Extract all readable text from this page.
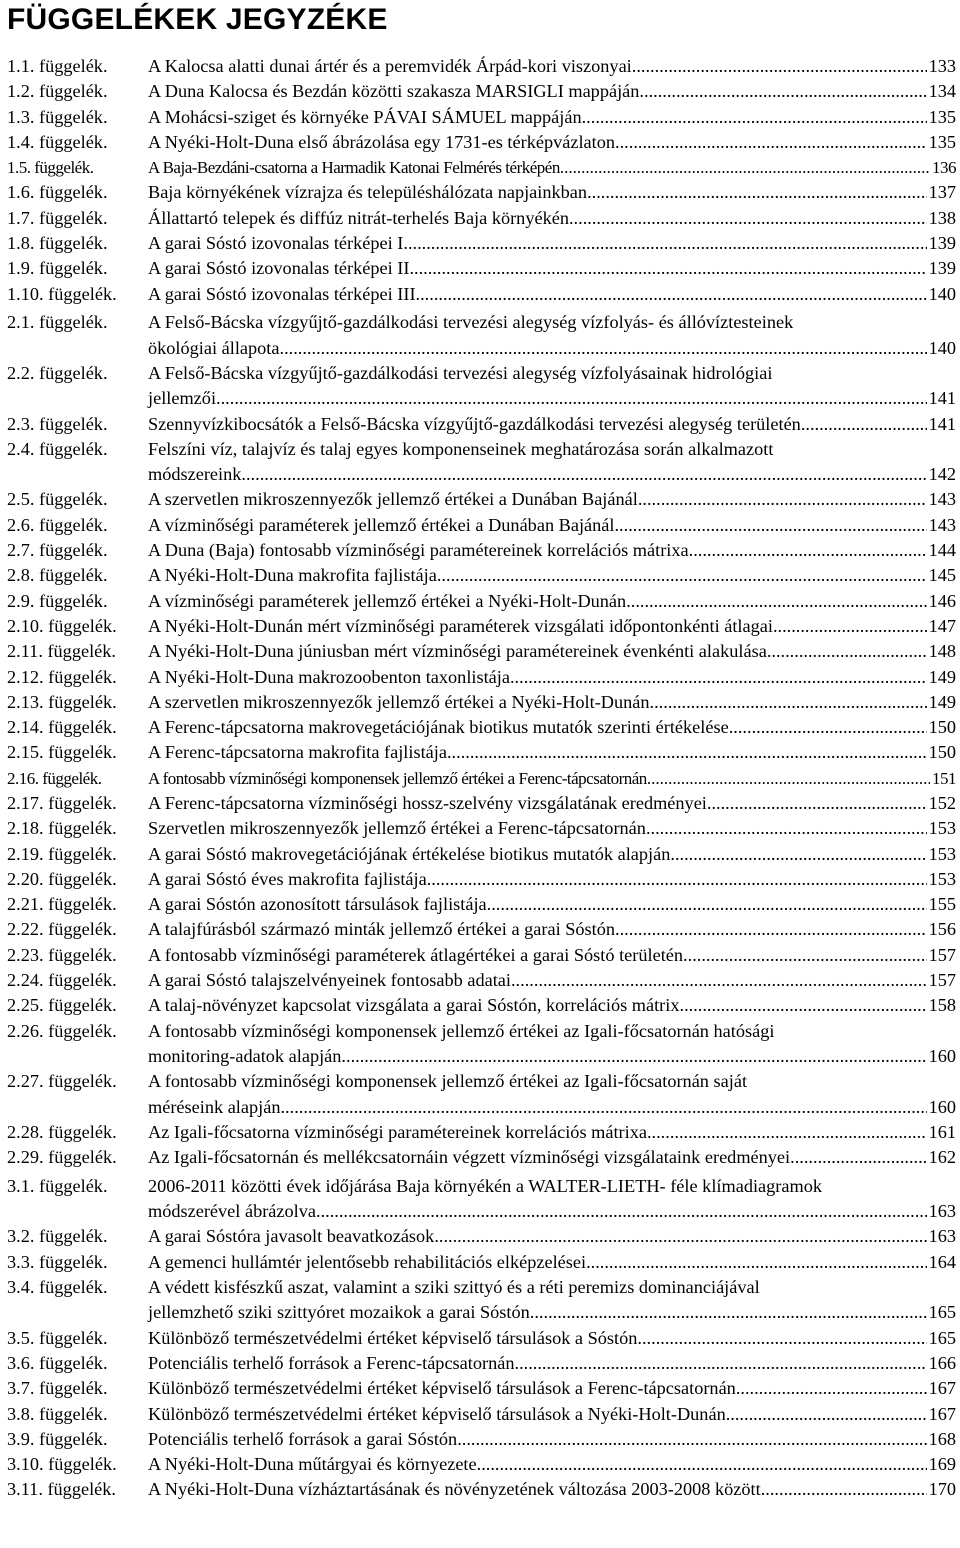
FÜGGELÉKEK JEGYZÉKE
1.1. függelék.	A Kalocsa alatti dunai ártér és a peremvidék Árpád-kori viszonyai .....	133
1.2. függelék.	A Duna Kalocsa és Bezdán közötti szakasza MARSIGLI mappáján .....	134
1.3. függelék.	A Mohácsi-sziget és környéke PÁVAI SÁMUEL mappáján .....	135
1.4. függelék.	A Nyéki-Holt-Duna első ábrázolása egy 1731-es térképvázlaton .....	135
1.5. függelék.	A Baja-Bezdáni-csatorna a Harmadik Katonai Felmérés térképén .....	136
1.6. függelék.	Baja környékének vízrajza és településhálózata napjainkban .....	137
1.7. függelék.	Állattartó telepek és diffúz nitrát-terhelés Baja környékén .....	138
1.8. függelék.	A garai Sóstó izovonalas térképei I. .....	139
1.9. függelék.	A garai Sóstó izovonalas térképei II. .....	139
1.10. függelék.	A garai Sóstó izovonalas térképei III. .....	140
2.1. függelék.	A Felső-Bácska vízgyűjtő-gazdálkodási tervezési alegység vízfolyás- és állóvíztesteinek
ökológiai állapota .....	140
2.2. függelék.	A Felső-Bácska vízgyűjtő-gazdálkodási tervezési alegység vízfolyásainak hidrológiai
jellemzői .....	141
2.3. függelék.	Szennyvízkibocsátók a Felső-Bácska vízgyűjtő-gazdálkodási tervezési alegység területén .....	141
2.4. függelék.	Felszíni víz, talajvíz és talaj egyes komponenseinek meghatározása során alkalmazott
módszereink .....	142
2.5. függelék.	A szervetlen mikroszennyezők jellemző értékei a Dunában Bajánál .....	143
2.6. függelék.	A vízminőségi paraméterek jellemző értékei a Dunában Bajánál .....	143
2.7. függelék.	A Duna (Baja) fontosabb vízminőségi paramétereinek korrelációs mátrixa .....	144
2.8. függelék.	A Nyéki-Holt-Duna makrofita fajlistája .....	145
2.9. függelék.	A vízminőségi paraméterek jellemző értékei a Nyéki-Holt-Dunán .....	146
2.10. függelék.	A Nyéki-Holt-Dunán mért vízminőségi paraméterek vizsgálati időpontonkénti átlagai .....	147
2.11. függelék.	A Nyéki-Holt-Duna júniusban mért vízminőségi paramétereinek évenkénti alakulása .....	148
2.12. függelék.	A Nyéki-Holt-Duna makrozoobenton taxonlistája .....	149
2.13. függelék.	A szervetlen mikroszennyezők jellemző értékei a Nyéki-Holt-Dunán .....	149
2.14. függelék.	A Ferenc-tápcsatorna makrovegetációjának biotikus mutatók szerinti értékelése .....	150
2.15. függelék.	A Ferenc-tápcsatorna makrofita fajlistája .....	150
2.16. függelék.	A fontosabb vízminőségi komponensek jellemző értékei a Ferenc-tápcsatornán .....	151
2.17. függelék.	A Ferenc-tápcsatorna vízminőségi hossz-szelvény vizsgálatának eredményei .....	152
2.18. függelék.	Szervetlen mikroszennyezők jellemző értékei a Ferenc-tápcsatornán .....	153
2.19. függelék.	A garai Sóstó makrovegetációjának értékelése biotikus mutatók alapján .....	153
2.20. függelék.	A garai Sóstó éves makrofita fajlistája .....	153
2.21. függelék.	A garai Sóstón azonosított társulások fajlistája .....	155
2.22. függelék.	A talajfúrásból származó minták jellemző értékei a garai Sóstón .....	156
2.23. függelék.	A fontosabb vízminőségi paraméterek átlagértékei a garai Sóstó területén .....	157
2.24. függelék.	A garai Sóstó talajszelvényeinek fontosabb adatai .....	157
2.25. függelék.	A talaj-növényzet kapcsolat vizsgálata a garai Sóstón, korrelációs mátrix .....	158
2.26. függelék.	A fontosabb vízminőségi komponensek jellemző értékei az Igali-főcsatornán hatósági
monitoring-adatok alapján .....	160
2.27. függelék.	A fontosabb vízminőségi komponensek jellemző értékei az Igali-főcsatornán saját
méréseink alapján .....	160
2.28. függelék.	Az Igali-főcsatorna vízminőségi paramétereinek korrelációs mátrixa .....	161
2.29. függelék.	Az Igali-főcsatornán és mellékcsatornáin végzett vízminőségi vizsgálataink eredményei .....	162
3.1. függelék.	2006-2011 közötti évek időjárása Baja környékén a WALTER-LIETH- féle klímadiagramok
módszerével ábrázolva .....	163
3.2. függelék.	A garai Sóstóra javasolt beavatkozások .....	163
3.3. függelék.	A gemenci hullámtér jelentősebb rehabilitációs elképzelései .....	164
3.4. függelék.	A védett kisfészkű aszat, valamint a sziki szittyó és a réti peremizs dominanciájával
jellemzhető sziki szittyóret mozaikok a garai Sóstón .....	165
3.5. függelék.	Különböző természetvédelmi értéket képviselő társulások a Sóstón .....	165
3.6. függelék.	Potenciális terhelő források a Ferenc-tápcsatornán .....	166
3.7. függelék.	Különböző természetvédelmi értéket képviselő társulások a Ferenc-tápcsatornán .....	167
3.8. függelék.	Különböző természetvédelmi értéket képviselő társulások a Nyéki-Holt-Dunán .....	167
3.9. függelék.	Potenciális terhelő források a garai Sóstón .....	168
3.10. függelék.	A Nyéki-Holt-Duna műtárgyai és környezete .....	169
3.11. függelék.	A Nyéki-Holt-Duna vízháztartásának és növényzetének változása 2003-2008 között .....	170
